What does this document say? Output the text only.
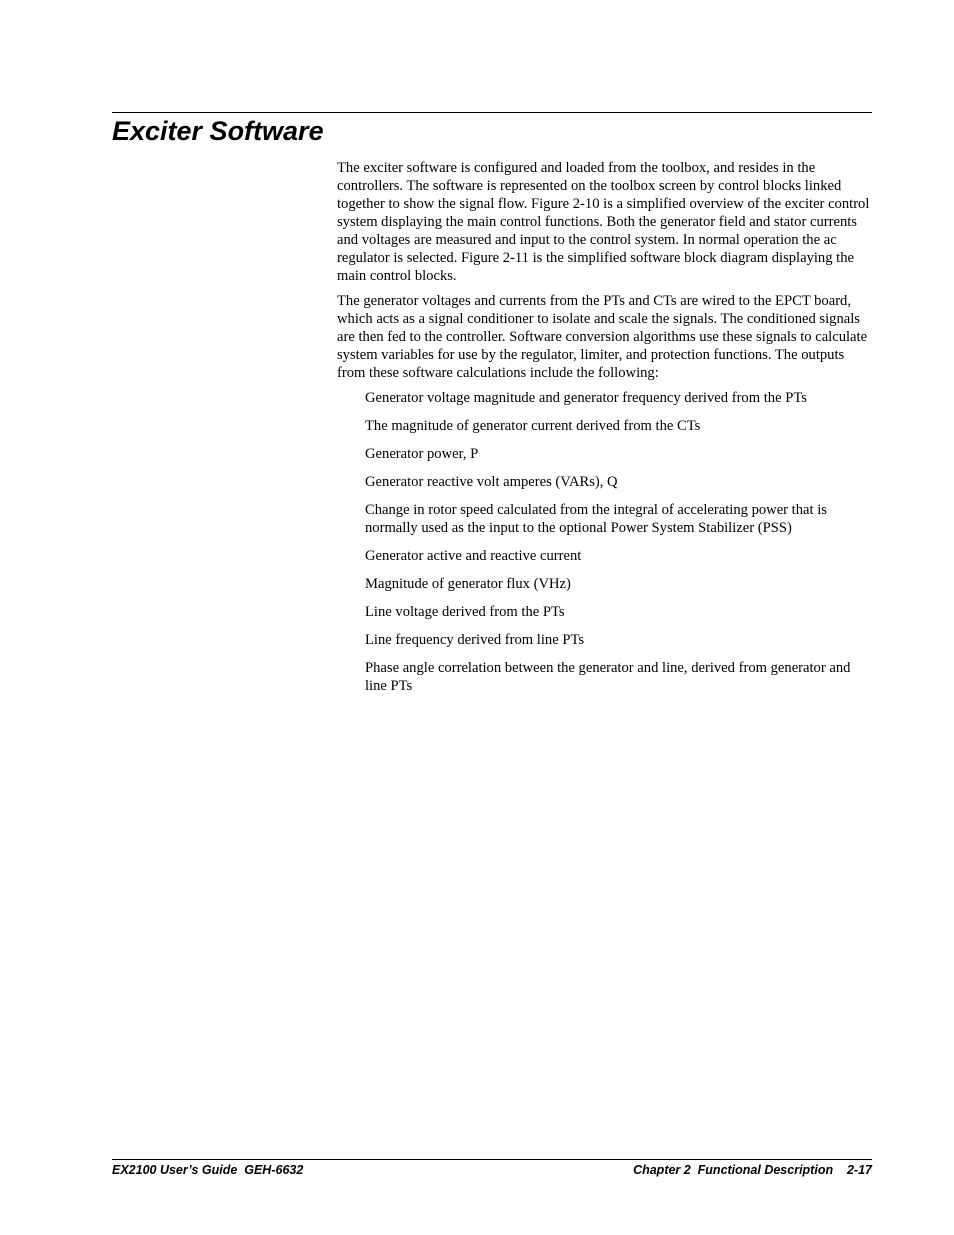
Exciter Software

The exciter software is configured and loaded from the toolbox, and resides in the controllers. The software is represented on the toolbox screen by control blocks linked together to show the signal flow. Figure 2-10 is a simplified overview of the exciter control system displaying the main control functions. Both the generator field and stator currents and voltages are measured and input to the control system. In normal operation the ac regulator is selected. Figure 2-11 is the simplified software block diagram displaying the main control blocks.

The generator voltages and currents from the PTs and CTs are wired to the EPCT board, which acts as a signal conditioner to isolate and scale the signals. The conditioned signals are then fed to the controller. Software conversion algorithms use these signals to calculate system variables for use by the regulator, limiter, and protection functions. The outputs from these software calculations include the following:

Generator voltage magnitude and generator frequency derived from the PTs
The magnitude of generator current derived from the CTs
Generator power, P
Generator reactive volt amperes (VARs), Q
Change in rotor speed calculated from the integral of accelerating power that is normally used as the input to the optional Power System Stabilizer (PSS)
Generator active and reactive current
Magnitude of generator flux (VHz)
Line voltage derived from the PTs
Line frequency derived from line PTs
Phase angle correlation between the generator and line, derived from generator and line PTs
EX2100 User’s Guide  GEH-6632	Chapter 2  Functional Description    2-17
